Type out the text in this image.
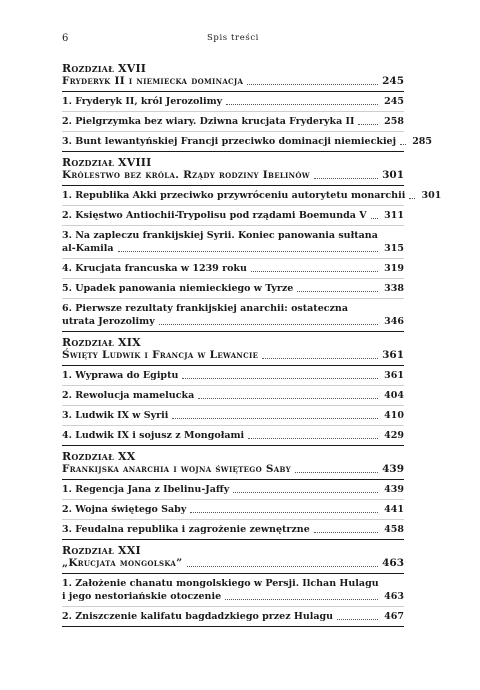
6	Spis treści
Rozdział XVII
Fryderyk II i niemiecka dominacja	245
1. Fryderyk II, król Jerozolimy	245
2. Pielgrzymka bez wiary. Dziwna krucjata Fryderyka II	258
3. Bunt lewantyńskiej Francji przeciwko dominacji niemieckiej 285
Rozdział XVIII
Królestwo bez króla. Rządy rodziny Ibelinów	301
1. Republika Akki przeciwko przywróceniu autorytetu monarchii 301
2. Księstwo Antiochii-Trypolisu pod rządami Boemunda V 311
3. Na zapleczu frankijskiej Syrii. Koniec panowania sułtana
al-Kamila	315
4. Krucjata francuska w 1239 roku	319
5. Upadek panowania niemieckiego w Tyrze	338
6. Pierwsze rezultaty frankijskiej anarchii: ostateczna
utrata Jerozolimy	346
Rozdział XIX
Święty Ludwik i Francja w Lewancie	361
1. Wyprawa do Egiptu	361
2. Rewolucja mamelucka	404
3. Ludwik IX w Syrii	410
4. Ludwik IX i sojusz z Mongołami	429
Rozdział XX
Frankijska anarchia i wojna świętego Saby	439
1. Regencja Jana z Ibelinu-Jaffy	439
2. Wojna świętego Saby	441
3. Feudalna republika i zagrożenie zewnętrzne	458
Rozdział XXI
„Krucjata mongolska”	463
1. Założenie chanatu mongolskiego w Persji. Ilchan Hulagu
i jego nestoriańskie otoczenie	463
2. Zniszczenie kalifatu bagdadzkiego przez Hulagu	467
